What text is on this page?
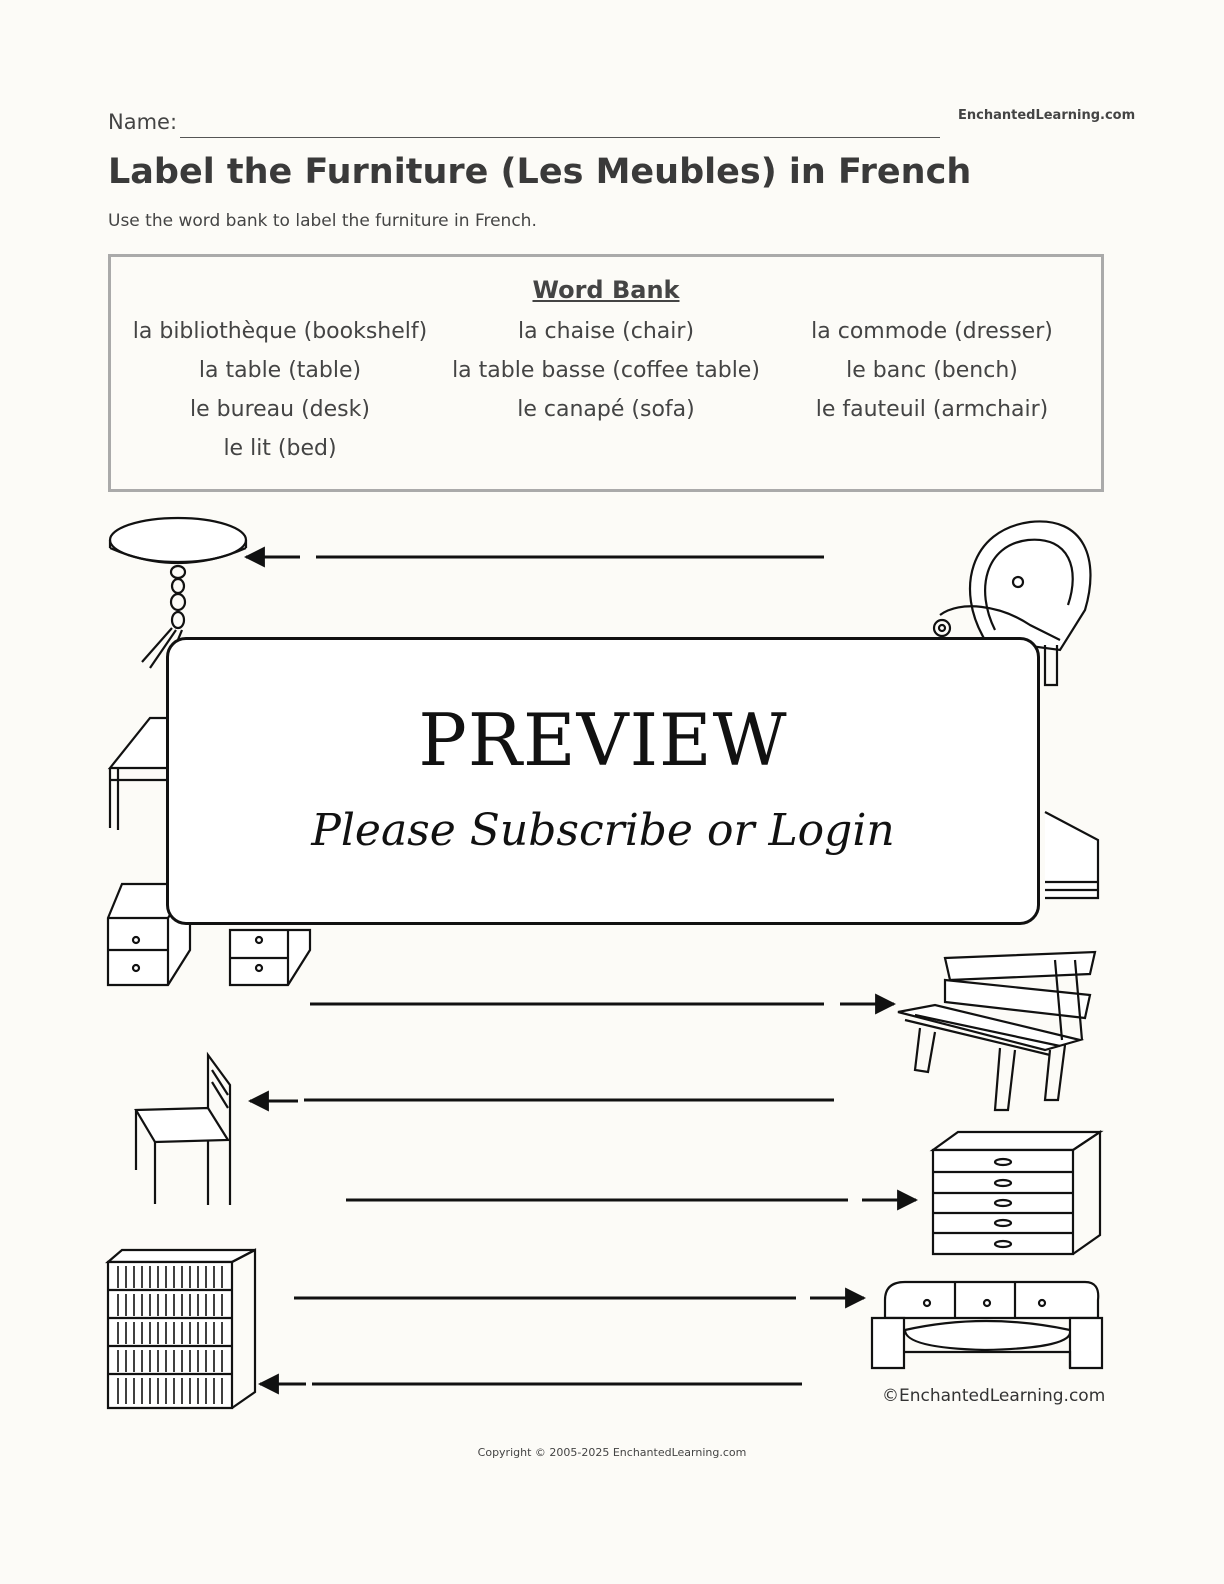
Name:	EnchantedLearning.com
Label the Furniture (Les Meubles) in French
Use the word bank to label the furniture in French.
Word Bank
la bibliothèque (bookshelf)	la chaise (chair)	la commode (dresser)
la table (table)	la table basse (coffee table)	le banc (bench)
le bureau (desk)	le canapé (sofa)	le fauteuil (armchair)
le lit (bed)
PREVIEW
Please Subscribe or Login
©EnchantedLearning.com
Copyright © 2005-2025 EnchantedLearning.com
